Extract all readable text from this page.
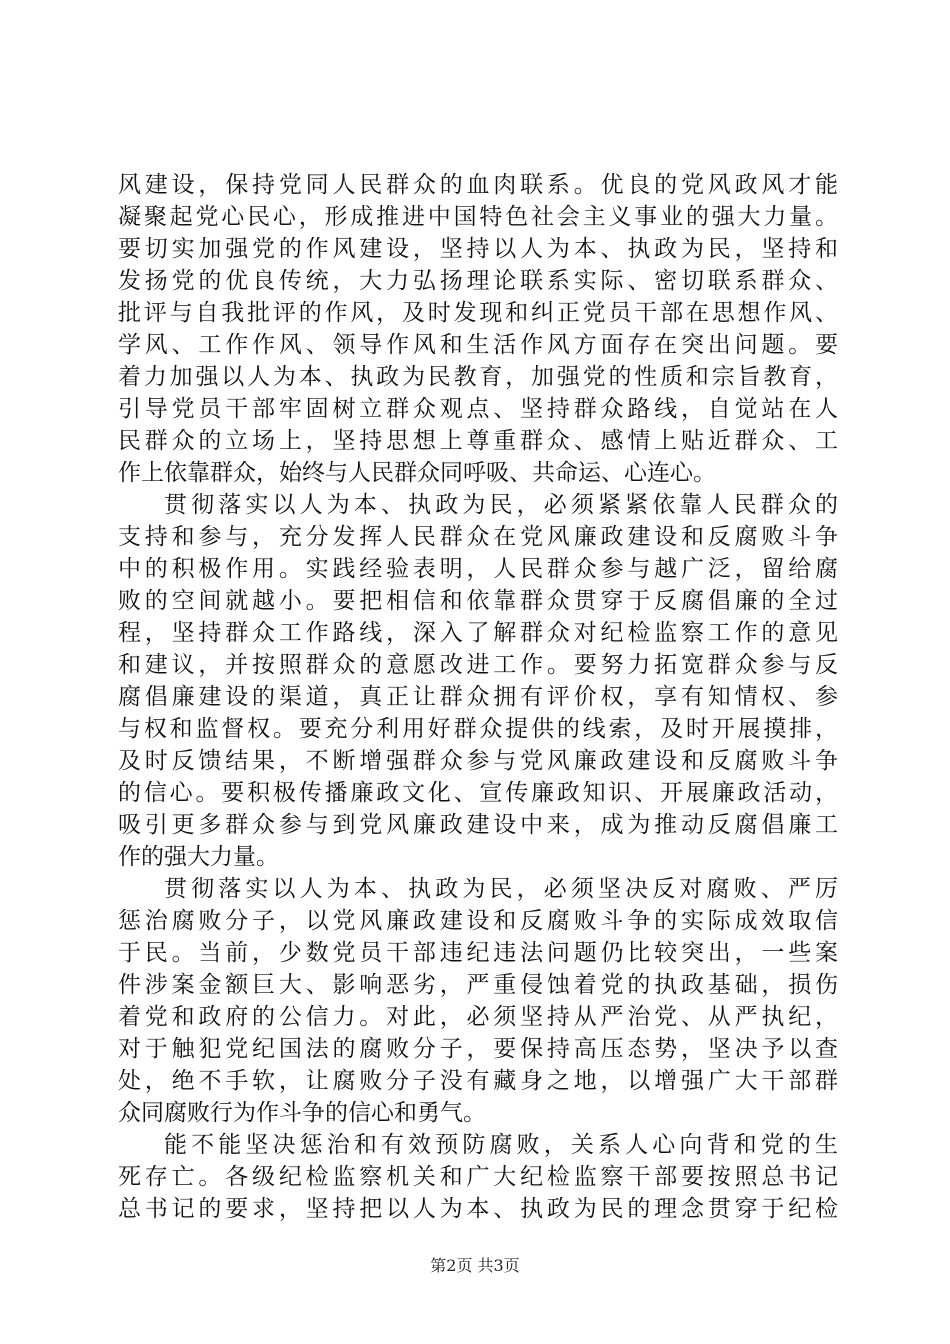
风建设，保持党同人民群众的血肉联系。优良的党风政风才能
凝聚起党心民心，形成推进中国特色社会主义事业的强大力量。
要切实加强党的作风建设，坚持以人为本、执政为民，坚持和
发扬党的优良传统，大力弘扬理论联系实际、密切联系群众、
批评与自我批评的作风，及时发现和纠正党员干部在思想作风、
学风、工作作风、领导作风和生活作风方面存在突出问题。要
着力加强以人为本、执政为民教育，加强党的性质和宗旨教育，
引导党员干部牢固树立群众观点、坚持群众路线，自觉站在人
民群众的立场上，坚持思想上尊重群众、感情上贴近群众、工
作上依靠群众，始终与人民群众同呼吸、共命运、心连心。
贯彻落实以人为本、执政为民，必须紧紧依靠人民群众的
支持和参与，充分发挥人民群众在党风廉政建设和反腐败斗争
中的积极作用。实践经验表明，人民群众参与越广泛，留给腐
败的空间就越小。要把相信和依靠群众贯穿于反腐倡廉的全过
程，坚持群众工作路线，深入了解群众对纪检监察工作的意见
和建议，并按照群众的意愿改进工作。要努力拓宽群众参与反
腐倡廉建设的渠道，真正让群众拥有评价权，享有知情权、参
与权和监督权。要充分利用好群众提供的线索，及时开展摸排，
及时反馈结果，不断增强群众参与党风廉政建设和反腐败斗争
的信心。要积极传播廉政文化、宣传廉政知识、开展廉政活动，
吸引更多群众参与到党风廉政建设中来，成为推动反腐倡廉工
作的强大力量。
贯彻落实以人为本、执政为民，必须坚决反对腐败、严厉
惩治腐败分子，以党风廉政建设和反腐败斗争的实际成效取信
于民。当前，少数党员干部违纪违法问题仍比较突出，一些案
件涉案金额巨大、影响恶劣，严重侵蚀着党的执政基础，损伤
着党和政府的公信力。对此，必须坚持从严治党、从严执纪，
对于触犯党纪国法的腐败分子，要保持高压态势，坚决予以查
处，绝不手软，让腐败分子没有藏身之地，以增强广大干部群
众同腐败行为作斗争的信心和勇气。
能不能坚决惩治和有效预防腐败，关系人心向背和党的生
死存亡。各级纪检监察机关和广大纪检监察干部要按照总书记
总书记的要求，坚持把以人为本、执政为民的理念贯穿于纪检
第2页 共3页
